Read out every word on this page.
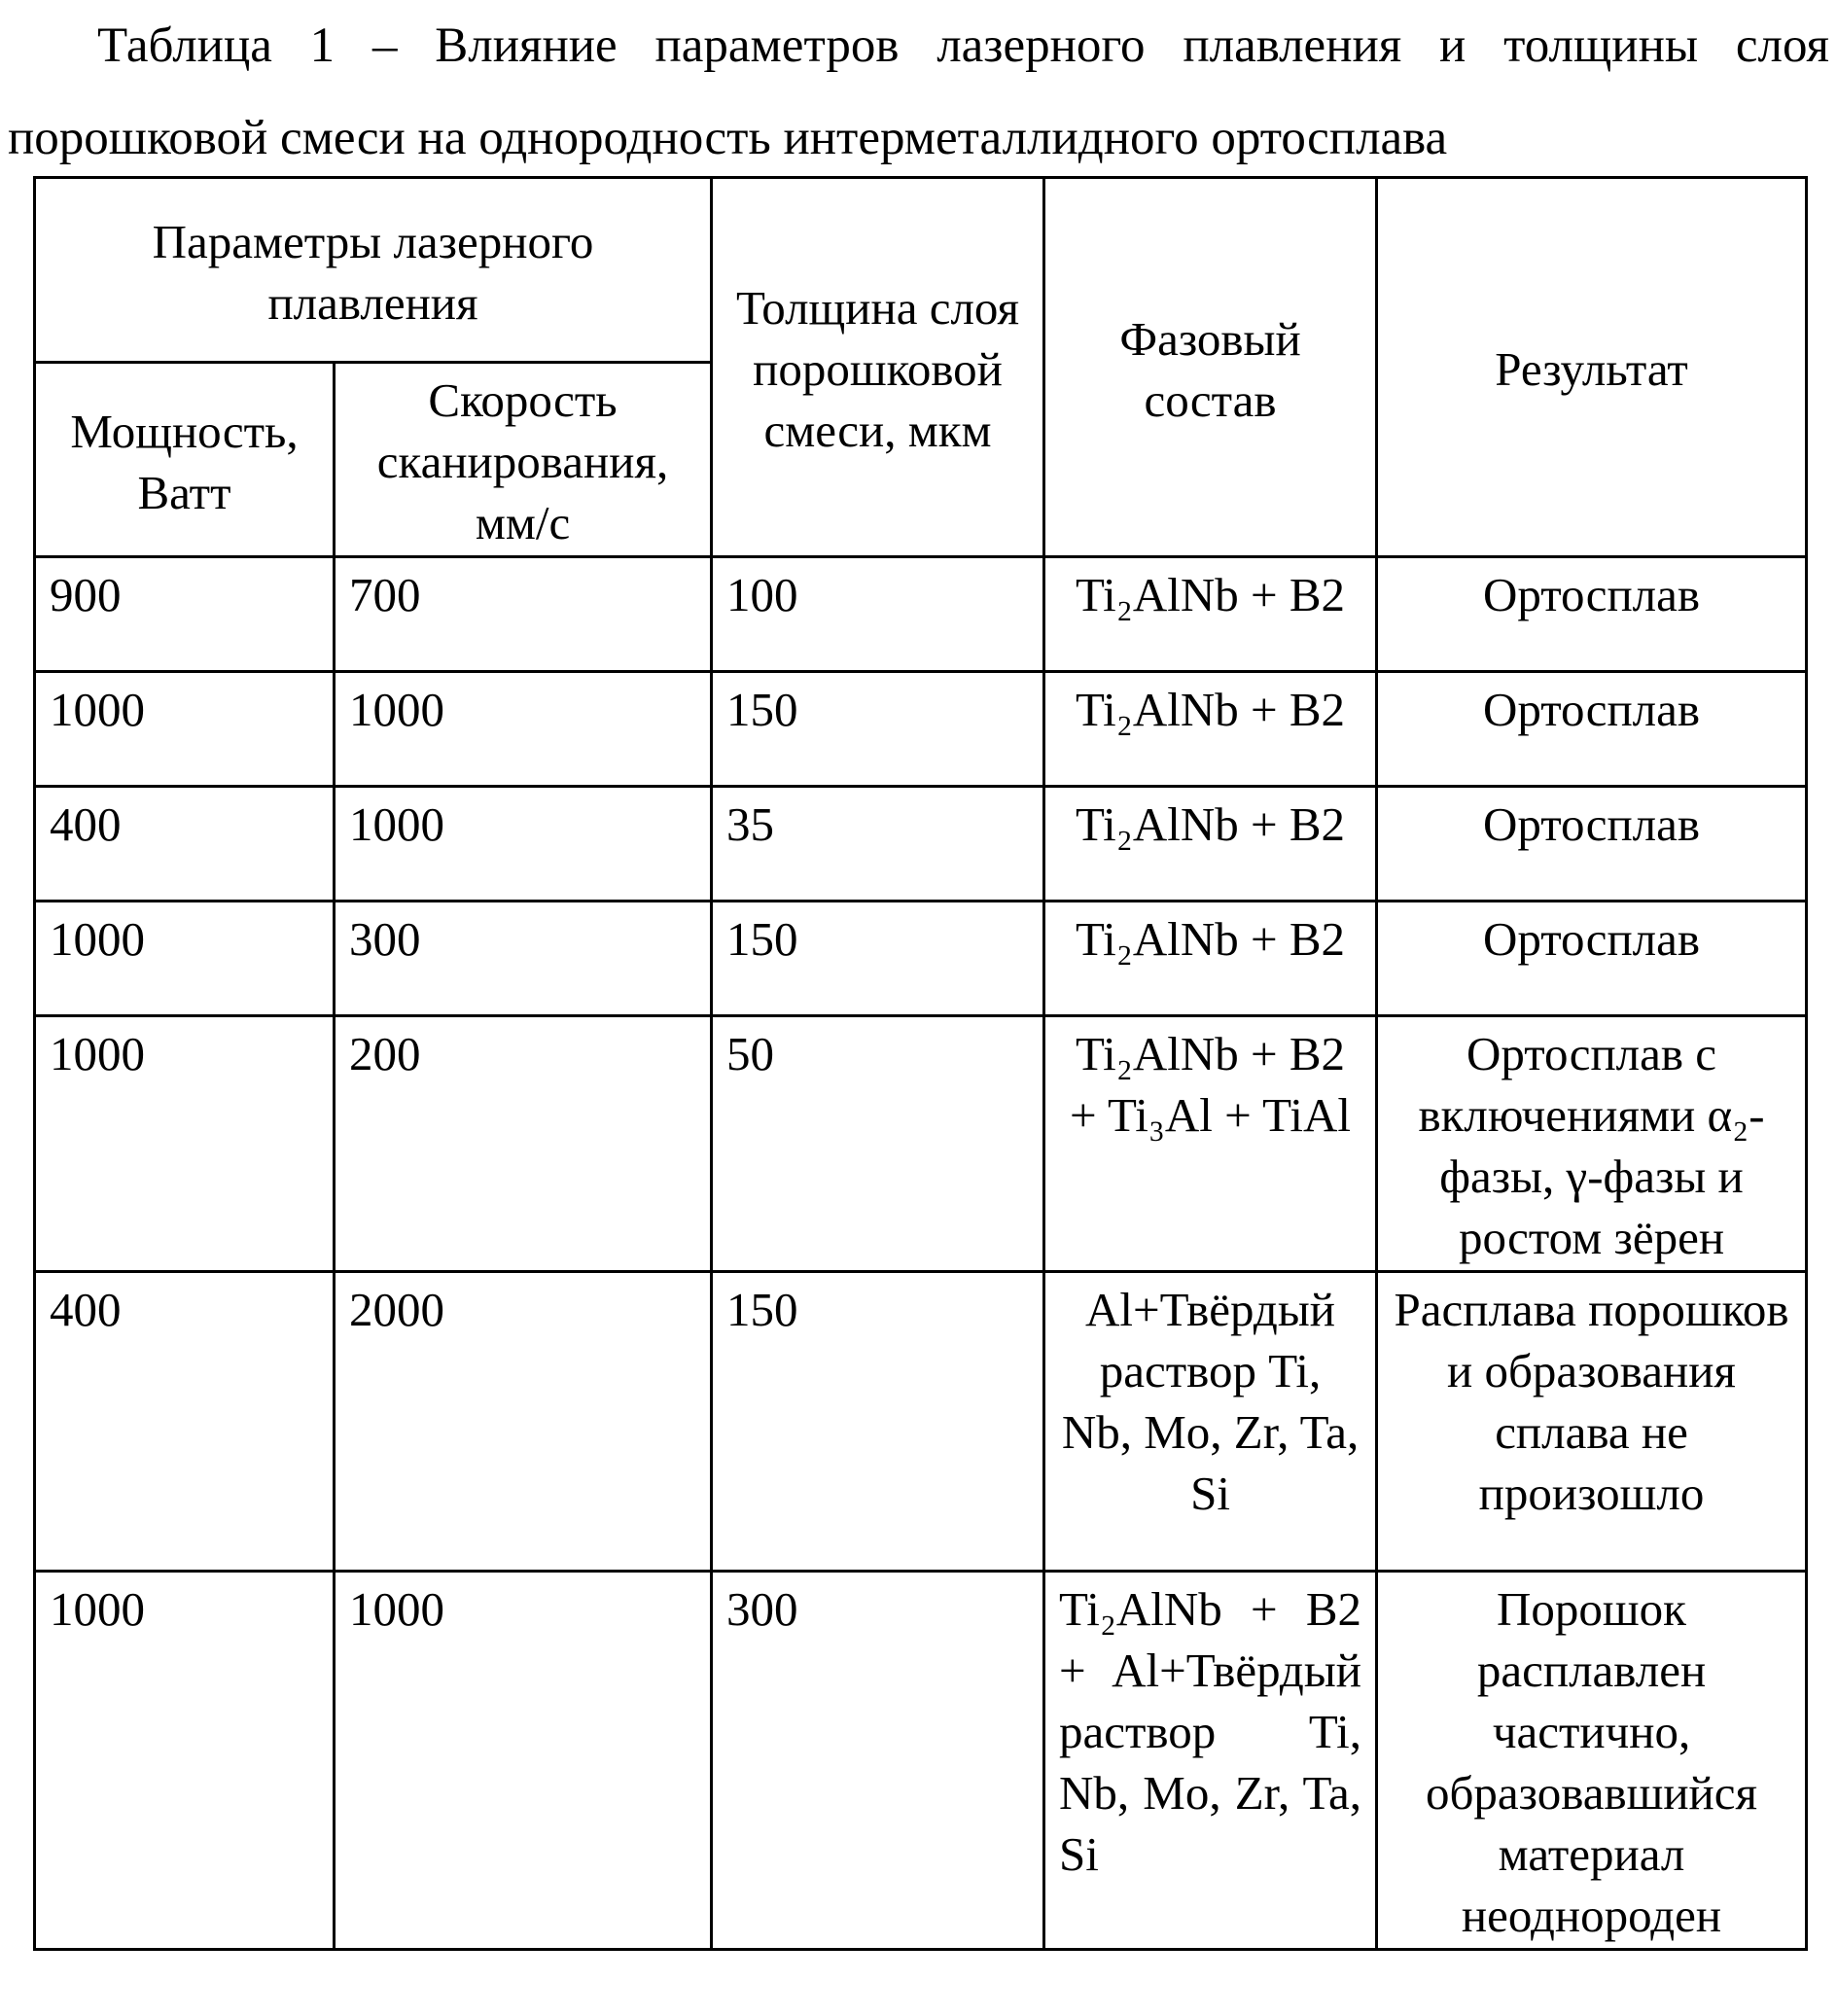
Таблица 1 – Влияние параметров лазерного плавления и толщины слоя
порошковой смеси на однородность интерметаллидного ортосплава
Параметры лазерного плавления		Толщина слоя порошковой смеси, мкм	Фазовый состав	Результат
Мощность, Ватт	Скорость сканирования, мм/с			
900	700	100	Ti₂AlNb + B2	Ортосплав
1000	1000	150	Ti₂AlNb + B2	Ортосплав
400	1000	35	Ti₂AlNb + B2	Ортосплав
1000	300	150	Ti₂AlNb + B2	Ортосплав
1000	200	50	Ti₂AlNb + B2 + Ti₃Al + TiAl	Ортосплав с включениями α₂-фазы, γ-фазы и ростом зёрен
400	2000	150	Al+Твёрдый раствор Ti, Nb, Mo, Zr, Ta, Si	Расплава порошков и образования сплава не произошло
1000	1000	300	Ti₂AlNb + B2 + Al+Твёрдый раствор Ti, Nb, Mo, Zr, Ta, Si	Порошок расплавлен частично, образовавшийся материал неоднороден
